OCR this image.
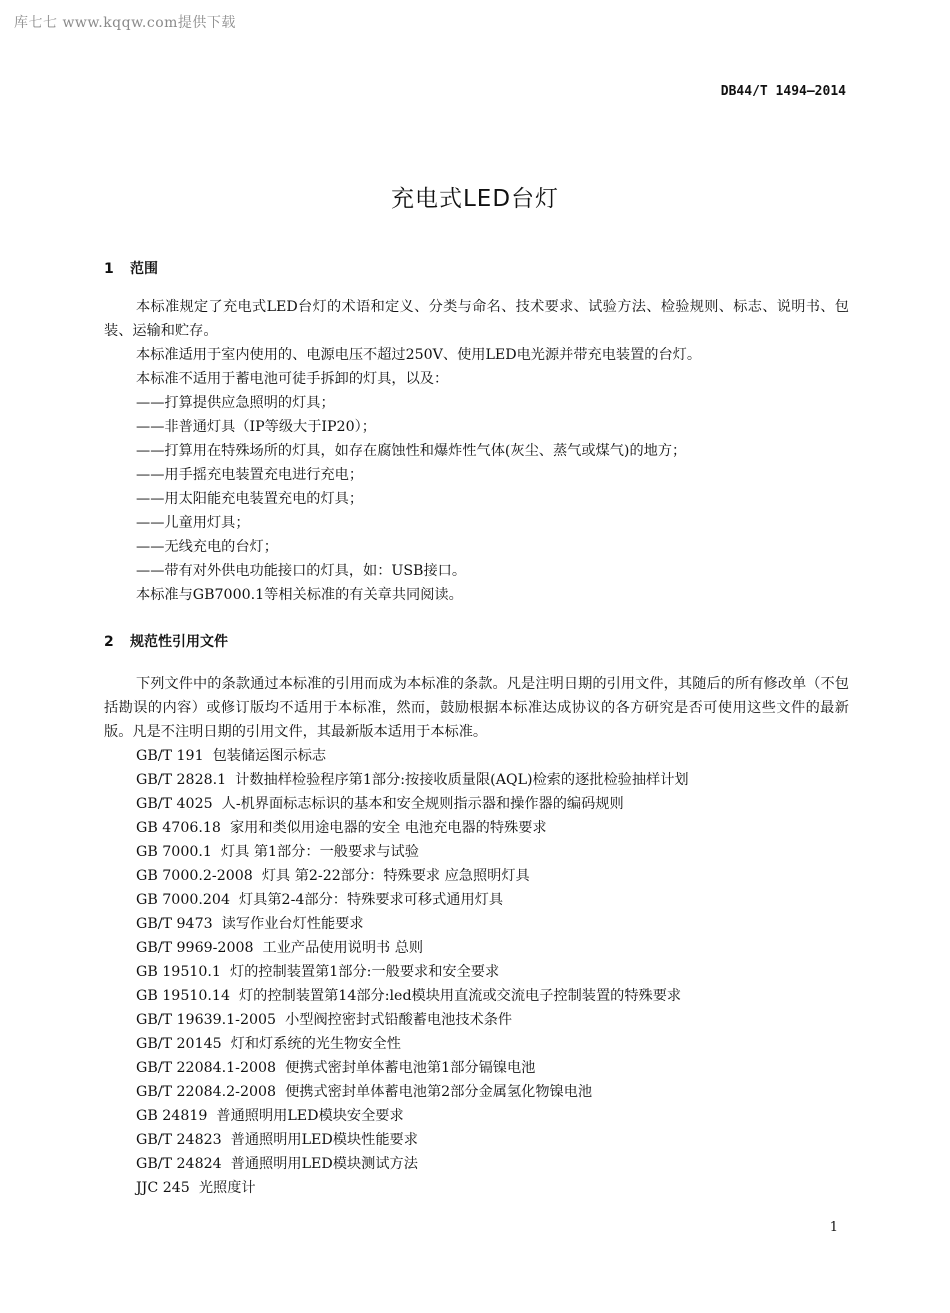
库七七 www.kqqw.com提供下载
DB44/T 1494—2014
充电式LED台灯
1 范围

本标准规定了充电式LED台灯的术语和定义、分类与命名、技术要求、试验方法、检验规则、标志、说明书、包装、运输和贮存。

本标准适用于室内使用的、电源电压不超过250V、使用LED电光源并带充电装置的台灯。

本标准不适用于蓄电池可徒手拆卸的灯具，以及：

——打算提供应急照明的灯具；

——非普通灯具（IP等级大于IP20）；

——打算用在特殊场所的灯具，如存在腐蚀性和爆炸性气体(灰尘、蒸气或煤气)的地方；

——用手摇充电装置充电进行充电；

——用太阳能充电装置充电的灯具；

——儿童用灯具；

——无线充电的台灯；

——带有对外供电功能接口的灯具，如：USB接口。

本标准与GB7000.1等相关标准的有关章共同阅读。

2 规范性引用文件

下列文件中的条款通过本标准的引用而成为本标准的条款。凡是注明日期的引用文件，其随后的所有修改单（不包括勘误的内容）或修订版均不适用于本标准，然而，鼓励根据本标准达成协议的各方研究是否可使用这些文件的最新版。凡是不注明日期的引用文件，其最新版本适用于本标准。

GB/T 191  包装储运图示标志

GB/T 2828.1  计数抽样检验程序第1部分:按接收质量限(AQL)检索的逐批检验抽样计划

GB/T 4025  人-机界面标志标识的基本和安全规则指示器和操作器的编码规则

GB 4706.18  家用和类似用途电器的安全 电池充电器的特殊要求

GB 7000.1  灯具 第1部分：一般要求与试验

GB 7000.2-2008  灯具 第2-22部分：特殊要求 应急照明灯具

GB 7000.204  灯具第2-4部分：特殊要求可移式通用灯具

GB/T 9473  读写作业台灯性能要求

GB/T 9969-2008  工业产品使用说明书 总则

GB 19510.1  灯的控制装置第1部分:一般要求和安全要求

GB 19510.14  灯的控制装置第14部分:led模块用直流或交流电子控制装置的特殊要求

GB/T 19639.1-2005  小型阀控密封式铅酸蓄电池技术条件

GB/T 20145  灯和灯系统的光生物安全性

GB/T 22084.1-2008  便携式密封单体蓄电池第1部分镉镍电池

GB/T 22084.2-2008  便携式密封单体蓄电池第2部分金属氢化物镍电池

GB 24819  普通照明用LED模块安全要求

GB/T 24823  普通照明用LED模块性能要求

GB/T 24824  普通照明用LED模块测试方法

JJC 245  光照度计

1
